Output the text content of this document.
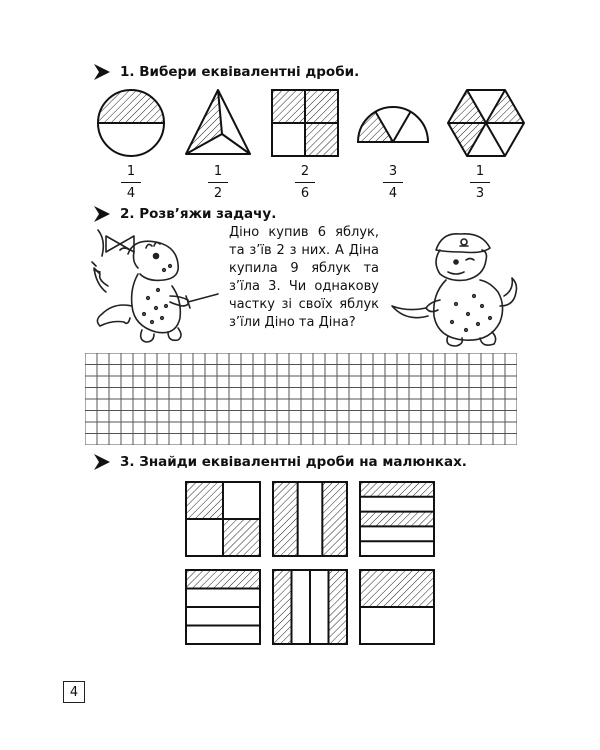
1. Вибери еквівалентні дроби.
1
4
1
2
2
6
3
4
1
3
2. Розв’яжи задачу.
Діно купив 6 яблук, та з’їв 2 з них. А Діна купила 9 яблук та з’їла 3. Чи однакову частку зі своїх яблук з’їли Діно та Діна?
3. Знайди еквівалентні дроби на малюнках.
4
